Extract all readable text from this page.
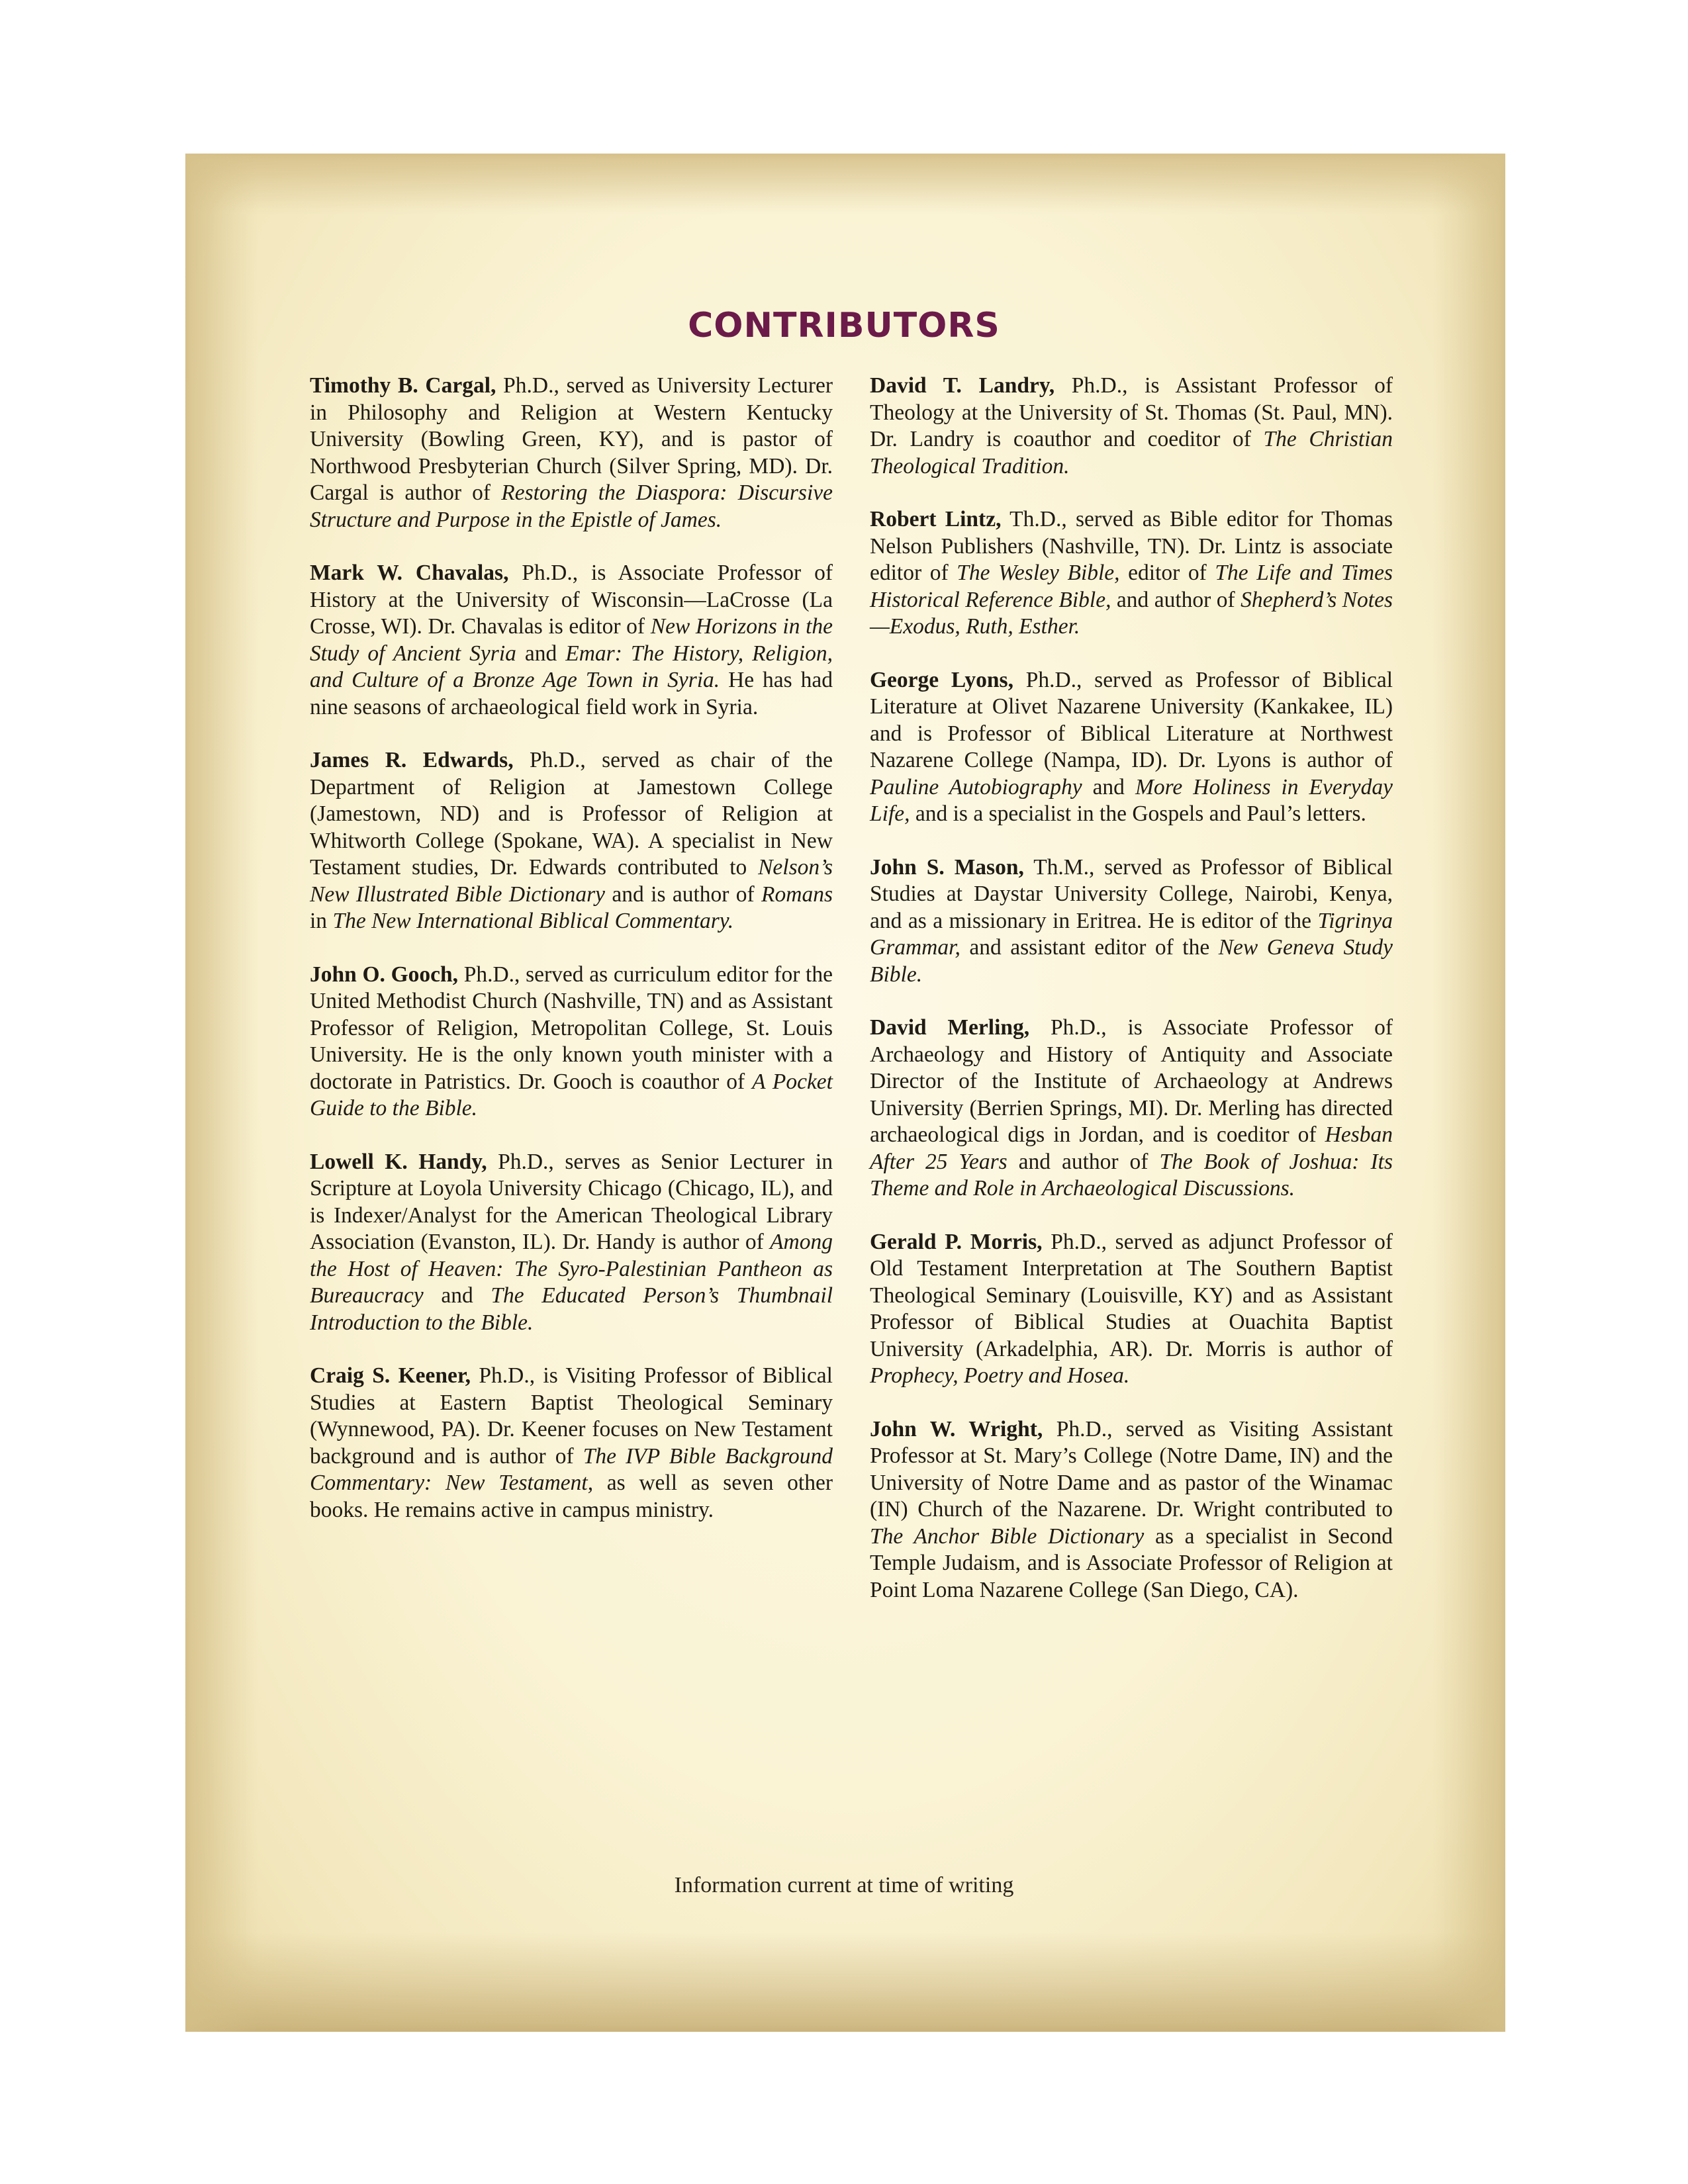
CONTRIBUTORS

Timothy B. Cargal, Ph.D., served as University Lecturer in Philosophy and Religion at Western Kentucky University (Bowling Green, KY), and is pastor of Northwood Presbyterian Church (Silver Spring, MD). Dr. Cargal is author of Restoring the Diaspora: Discursive Structure and Purpose in the Epistle of James.

Mark W. Chavalas, Ph.D., is Associate Professor of History at the University of Wisconsin—LaCrosse (La Crosse, WI). Dr. Chavalas is editor of New Horizons in the Study of Ancient Syria and Emar: The History, Religion, and Culture of a Bronze Age Town in Syria. He has had nine seasons of archaeological field work in Syria.

James R. Edwards, Ph.D., served as chair of the Department of Religion at Jamestown College (Jamestown, ND) and is Professor of Religion at Whitworth College (Spokane, WA). A specialist in New Testament studies, Dr. Edwards contributed to Nelson’s New Illustrated Bible Dictionary and is author of Romans in The New International Biblical Commentary.

John O. Gooch, Ph.D., served as curriculum editor for the United Methodist Church (Nashville, TN) and as Assistant Professor of Religion, Metropolitan College, St. Louis University. He is the only known youth minister with a doctorate in Patristics. Dr. Gooch is coauthor of A Pocket Guide to the Bible.

Lowell K. Handy, Ph.D., serves as Senior Lecturer in Scripture at Loyola University Chicago (Chicago, IL), and is Indexer/Analyst for the American Theological Library Association (Evanston, IL). Dr. Handy is author of Among the Host of Heaven: The Syro-Palestinian Pantheon as Bureaucracy and The Educated Person’s Thumbnail Introduction to the Bible.

Craig S. Keener, Ph.D., is Visiting Professor of Biblical Studies at Eastern Baptist Theological Seminary (Wynnewood, PA). Dr. Keener focuses on New Testament background and is author of The IVP Bible Background Commentary: New Testament, as well as seven other books. He remains active in campus ministry.

David T. Landry, Ph.D., is Assistant Professor of Theology at the University of St. Thomas (St. Paul, MN). Dr. Landry is coauthor and coeditor of The Christian Theological Tradition.

Robert Lintz, Th.D., served as Bible editor for Thomas Nelson Publishers (Nashville, TN). Dr. Lintz is associate editor of The Wesley Bible, editor of The Life and Times Historical Reference Bible, and author of Shepherd’s Notes—Exodus, Ruth, Esther.

George Lyons, Ph.D., served as Professor of Biblical Literature at Olivet Nazarene University (Kankakee, IL) and is Professor of Biblical Literature at Northwest Nazarene College (Nampa, ID). Dr. Lyons is author of Pauline Autobiography and More Holiness in Everyday Life, and is a specialist in the Gospels and Paul’s letters.

John S. Mason, Th.M., served as Professor of Biblical Studies at Daystar University College, Nairobi, Kenya, and as a missionary in Eritrea. He is editor of the Tigrinya Grammar, and assistant editor of the New Geneva Study Bible.

David Merling, Ph.D., is Associate Professor of Archaeology and History of Antiquity and Associate Director of the Institute of Archaeology at Andrews University (Berrien Springs, MI). Dr. Merling has directed archaeological digs in Jordan, and is coeditor of Hesban After 25 Years and author of The Book of Joshua: Its Theme and Role in Archaeological Discussions.

Gerald P. Morris, Ph.D., served as adjunct Professor of Old Testament Interpretation at The Southern Baptist Theological Seminary (Louisville, KY) and as Assistant Professor of Biblical Studies at Ouachita Baptist University (Arkadelphia, AR). Dr. Morris is author of Prophecy, Poetry and Hosea.

John W. Wright, Ph.D., served as Visiting Assistant Professor at St. Mary’s College (Notre Dame, IN) and the University of Notre Dame and as pastor of the Winamac (IN) Church of the Nazarene. Dr. Wright contributed to The Anchor Bible Dictionary as a specialist in Second Temple Judaism, and is Associate Professor of Religion at Point Loma Nazarene College (San Diego, CA).

Information current at time of writing
